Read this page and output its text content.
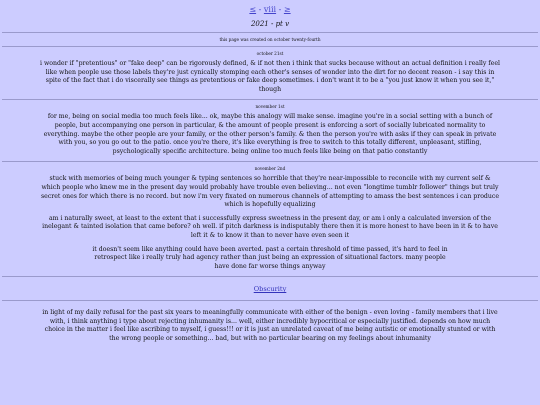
≤ - viii - ≥
2021 - pt v
this page was created on october twenty-fourth
october 21st
i wonder if "pretentious" or "fake deep" can be rigorously defined, & if not then i think that sucks because without an actual definition i really feel like when people use those labels they're just cynically stomping each other's senses of wonder into the dirt for no decent reason - i say this in spite of the fact that i do viscerally see things as pretentious or fake deep sometimes. i don't want it to be a "you just know it when you see it," though
november 1st
for me, being on social media too much feels like... ok, maybe this analogy will make sense. imagine you're in a social setting with a bunch of people, but accompanying one person in particular, & the amount of people present is enforcing a sort of socially lubricated normality to everything. maybe the other people are your family, or the other person's family. & then the person you're with asks if they can speak in private with you, so you go out to the patio. once you're there, it's like everything is free to switch to this totally different, unpleasant, stifling, psychologically specific architecture. being online too much feels like being on that patio constantly
november 2nd
stuck with memories of being much younger & typing sentences so horrible that they're near-impossible to reconcile with my current self & which people who knew me in the present day would probably have trouble even believing... not even "longtime tumblr follower" things but truly secret ones for which there is no record. but now i'm very fixated on numerous channels of attempting to amass the best sentences i can produce which is hopefully equalizing
am i naturally sweet, at least to the extent that i successfully express sweetness in the present day, or am i only a calculated inversion of the inelegant & tainted isolation that came before? oh well. if pitch darkness is indisputably there then it is more honest to have been in it & to have left it & to know it than to never have even seen it
it doesn't seem like anything could have been averted. past a certain threshold of time passed, it's hard to feel in retrospect like i really truly had agency rather than just being an expression of situational factors. many people have done far worse things anyway
Obscurity
in light of my daily refusal for the past six years to meaningfully communicate with either of the benign - even loving - family members that i live with, i think anything i type about rejecting inhumanity is... well, either incredibly hypocritical or especially justified. depends on how much choice in the matter i feel like ascribing to myself, i guess!!! or it is just an unrelated caveat of me being autistic or emotionally stunted or with the wrong people or something... bad, but with no particular bearing on my feelings about inhumanity
